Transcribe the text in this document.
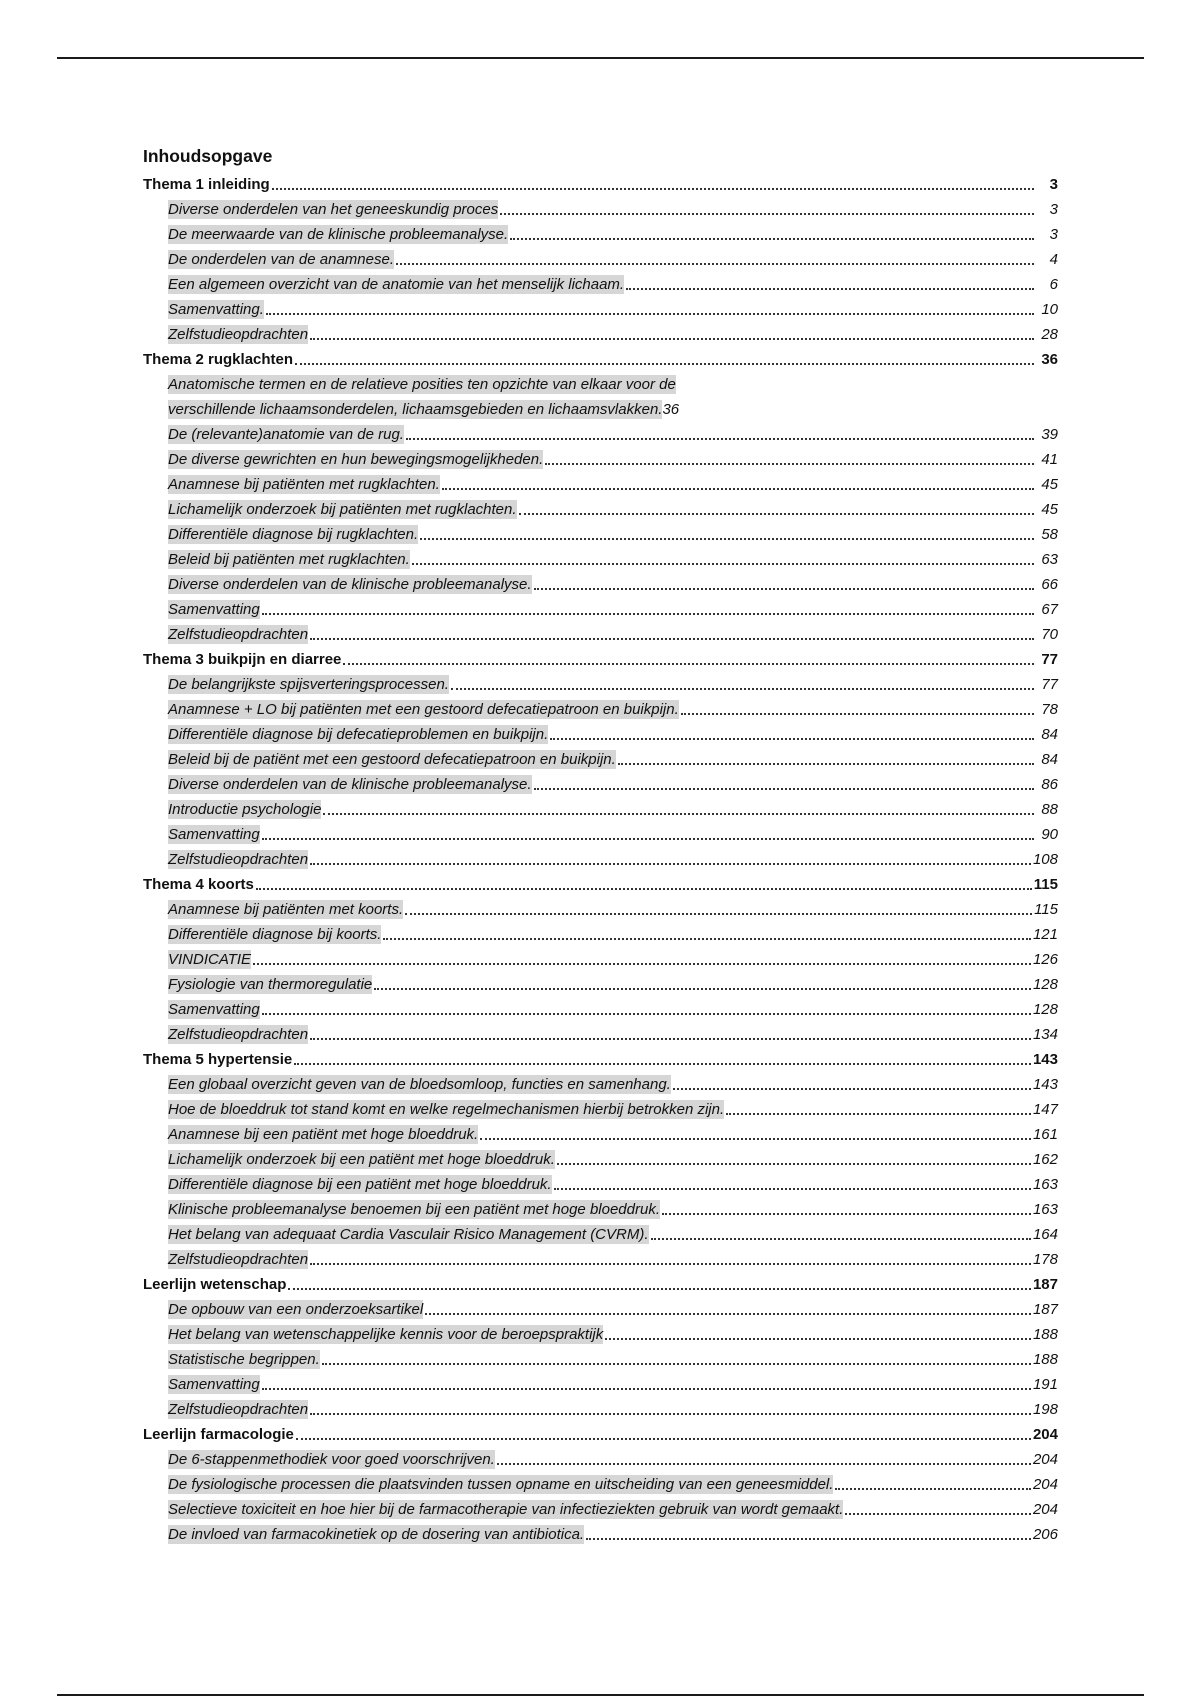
Inhoudsopgave
Thema 1 inleiding	3
Diverse onderdelen van het geneeskundig proces	3
De meerwaarde van de klinische probleemanalyse.	3
De onderdelen van de anamnese.	4
Een algemeen overzicht van de anatomie van het menselijk lichaam.	6
Samenvatting.	10
Zelfstudieopdrachten	28
Thema 2 rugklachten	36
Anatomische termen en de relatieve posities ten opzichte van elkaar voor de
verschillende lichaamsonderdelen, lichaamsgebieden en lichaamsvlakken. 36
De (relevante)anatomie van de rug.	39
De diverse gewrichten en hun bewegingsmogelijkheden.	41
Anamnese bij patiënten met rugklachten.	45
Lichamelijk onderzoek bij patiënten met rugklachten.	45
Differentiële diagnose bij rugklachten.	58
Beleid bij patiënten met rugklachten.	63
Diverse onderdelen van de klinische probleemanalyse.	66
Samenvatting	67
Zelfstudieopdrachten	70
Thema 3 buikpijn en diarree	77
De belangrijkste spijsverteringsprocessen.	77
Anamnese + LO bij patiënten met een gestoord defecatiepatroon en buikpijn.	78
Differentiële diagnose bij defecatieproblemen en buikpijn.	84
Beleid bij de patiënt met een gestoord defecatiepatroon en buikpijn.	84
Diverse onderdelen van de klinische probleemanalyse.	86
Introductie psychologie	88
Samenvatting	90
Zelfstudieopdrachten	108
Thema 4 koorts	115
Anamnese bij patiënten met koorts.	115
Differentiële diagnose bij koorts.	121
VINDICATIE	126
Fysiologie van thermoregulatie	128
Samenvatting	128
Zelfstudieopdrachten	134
Thema 5 hypertensie	143
Een globaal overzicht geven van de bloedsomloop, functies en samenhang.	143
Hoe de bloeddruk tot stand komt en welke regelmechanismen hierbij betrokken zijn.	147
Anamnese bij een patiënt met hoge bloeddruk.	161
Lichamelijk onderzoek bij een patiënt met hoge bloeddruk.	162
Differentiële diagnose bij een patiënt met hoge bloeddruk.	163
Klinische probleemanalyse benoemen bij een patiënt met hoge bloeddruk.	163
Het belang van adequaat Cardia Vasculair Risico Management (CVRM).	164
Zelfstudieopdrachten	178
Leerlijn wetenschap	187
De opbouw van een onderzoeksartikel	187
Het belang van wetenschappelijke kennis voor de beroepspraktijk	188
Statistische begrippen.	188
Samenvatting	191
Zelfstudieopdrachten	198
Leerlijn farmacologie	204
De 6-stappenmethodiek voor goed voorschrijven.	204
De fysiologische processen die plaatsvinden tussen opname en uitscheiding van een geneesmiddel.	204
Selectieve toxiciteit en hoe hier bij de farmacotherapie van infectieziekten gebruik van wordt gemaakt.	204
De invloed van farmacokinetiek op de dosering van antibiotica.	206
